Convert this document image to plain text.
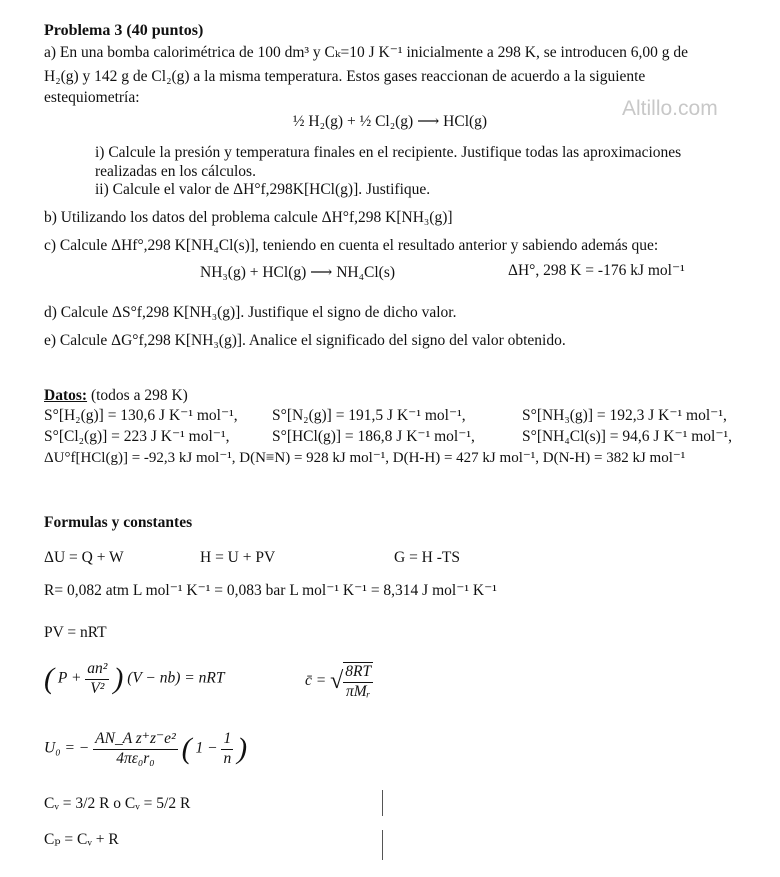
Altillo.com
Problema 3 (40 puntos)
a) En una bomba calorimétrica de 100 dm³ y Cₖ=10 J K⁻¹ inicialmente a 298 K, se introducen 6,00 g de
H₂(g) y 142 g de Cl₂(g) a la misma temperatura. Estos gases reaccionan de acuerdo a la siguiente
estequiometría:
½ H₂(g) + ½ Cl₂(g) ⟶ HCl(g)
i) Calcule la presión y temperatura finales en el recipiente. Justifique todas las aproximaciones
realizadas en los cálculos.
ii) Calcule el valor de ΔH°f,298K[HCl(g)]. Justifique.
b) Utilizando los datos del problema calcule ΔH°f,298 K[NH₃(g)]
c) Calcule ΔHf°,298 K[NH₄Cl(s)], teniendo en cuenta el resultado anterior y sabiendo además que:
NH₃(g) + HCl(g) ⟶ NH₄Cl(s)	ΔH°, 298 K = -176 kJ mol⁻¹
d) Calcule ΔS°f,298 K[NH₃(g)]. Justifique el signo de dicho valor.
e) Calcule ΔG°f,298 K[NH₃(g)]. Analice el significado del signo del valor obtenido.
Datos: (todos a 298 K)
S°[H₂(g)] = 130,6 J K⁻¹ mol⁻¹, S°[N₂(g)] = 191,5 J K⁻¹ mol⁻¹,	S°[NH₃(g)] = 192,3 J K⁻¹ mol⁻¹,
S°[Cl₂(g)] = 223 J K⁻¹ mol⁻¹,	S°[HCl(g)] = 186,8 J K⁻¹ mol⁻¹,	S°[NH₄Cl(s)] = 94,6 J K⁻¹ mol⁻¹,
ΔU°f[HCl(g)] = -92,3 kJ mol⁻¹, D(N≡N) = 928 kJ mol⁻¹, D(H-H) = 427 kJ mol⁻¹, D(N-H) = 382 kJ mol⁻¹
Formulas y constantes
ΔU = Q + W	H = U + PV	G = H -TS
R= 0,082 atm L mol⁻¹ K⁻¹ = 0,083 bar L mol⁻¹ K⁻¹ = 8,314 J mol⁻¹ K⁻¹
PV = nRT
( $P + \frac{\text{an²}}{\text{V²}}$ ) (V − nb) = nRT	c̄ = √ $\frac{8RT}{\text{πMᵣ}}$
U₀ = − $\frac{\text{AN\_A z⁺z⁻e²}}{\text{4πε₀r₀}}$ ( $1 - \frac{1}{n}$ )
Cᵥ = 3/2 R o Cᵥ = 5/2 R
Cₚ = Cᵥ + R
